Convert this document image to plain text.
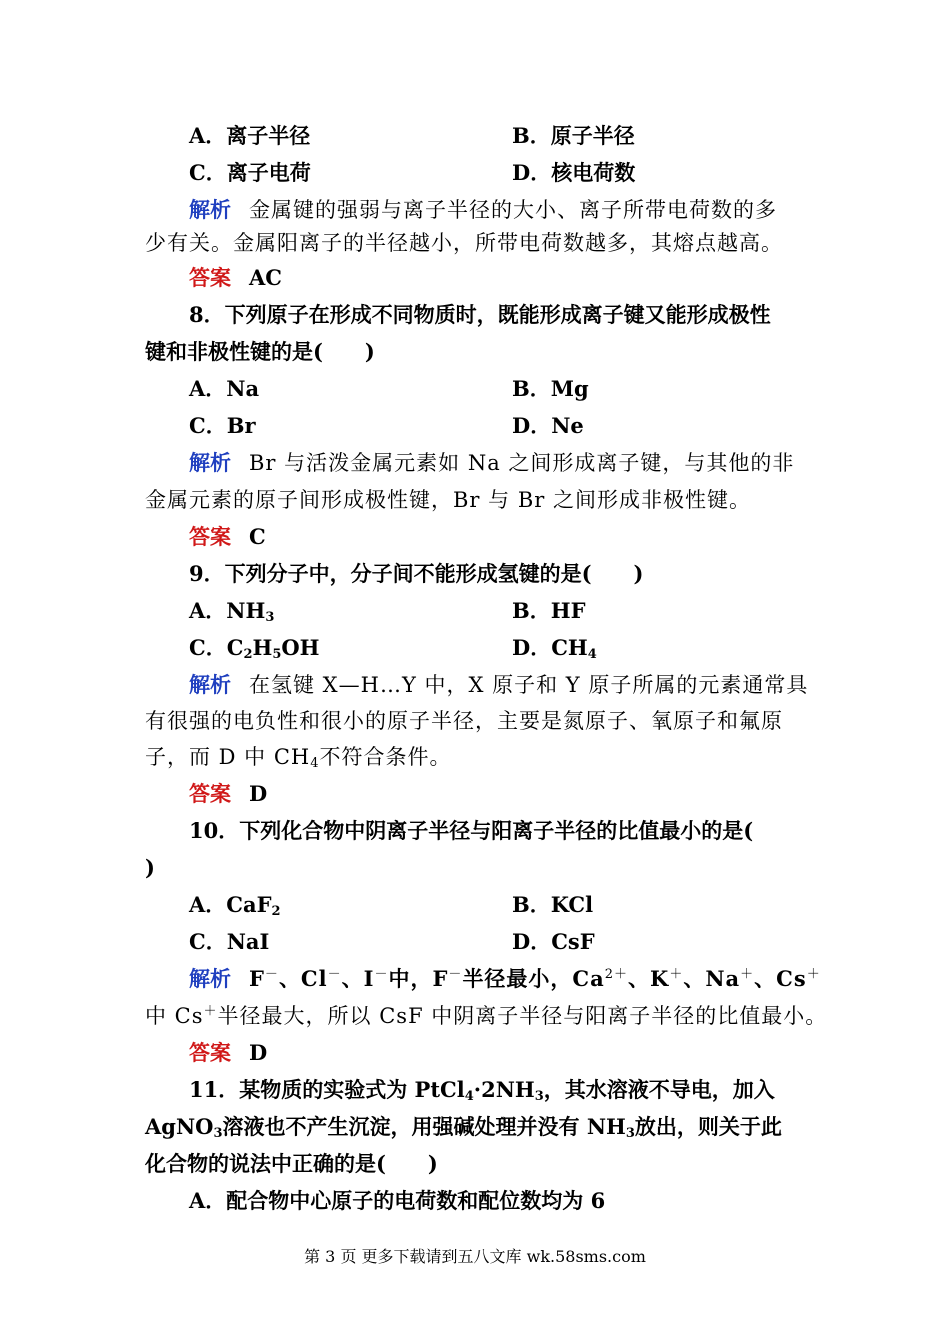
A．离子半径	B．原子半径
C．离子电荷	D．核电荷数
解析 金属键的强弱与离子半径的大小、离子所带电荷数的多
少有关。金属阳离子的半径越小，所带电荷数越多，其熔点越高。
答案 AC
8．下列原子在形成不同物质时，既能形成离子键又能形成极性
键和非极性键的是(　　)
A．Na	B．Mg
C．Br	D．Ne
解析 Br 与活泼金属元素如 Na 之间形成离子键，与其他的非
金属元素的原子间形成极性键，Br 与 Br 之间形成非极性键。
答案 C
9．下列分子中，分子间不能形成氢键的是(　　)
A．$NH_3$	B．HF
C．$C_2H_5OH$	D．$CH_4$
解析 在氢键 X—H…Y 中，X 原子和 Y 原子所属的元素通常具
有很强的电负性和很小的原子半径，主要是氮原子、氧原子和氟原
子，而 D 中 $CH_4$不符合条件。
答案 D
10．下列化合物中阴离子半径与阳离子半径的比值最小的是(
)
A．CaF$_2$	B．KCl
C．NaI	D．CsF
解析 F－、Cl－、I－中，F－半径最小，$Ca^{2+}$、K＋、Na＋、Cs＋
中 Cs＋半径最大，所以 CsF 中阴离子半径与阳离子半径的比值最小。
答案 D
11．某物质的实验式为 $PtCl_4\cdot 2NH_3$，其水溶液不导电，加入
AgNO$_3$溶液也不产生沉淀，用强碱处理并没有 $NH_3$放出，则关于此
化合物的说法中正确的是(　　)
A．配合物中心原子的电荷数和配位数均为 6
第 3 页 更多下载请到五八文库 wk.58sms.com
